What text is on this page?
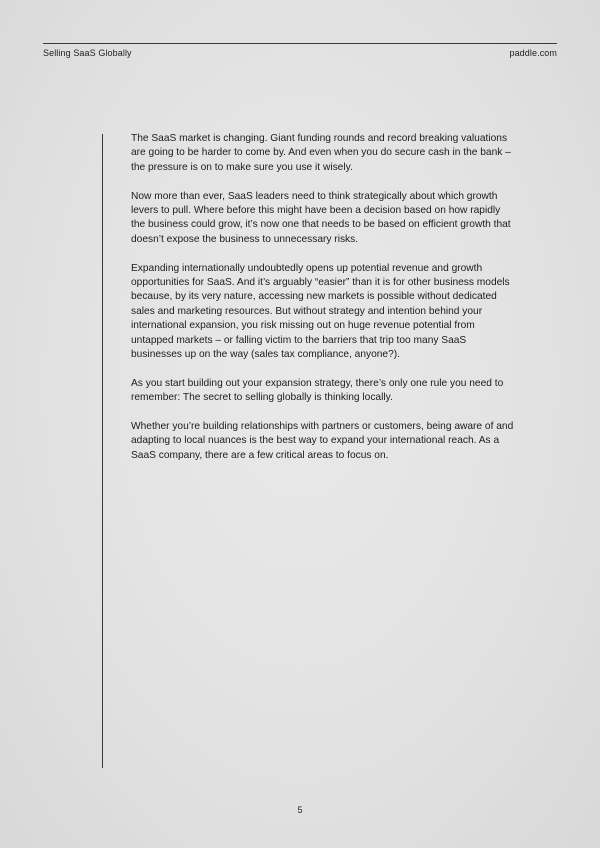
Selling SaaS Globally	paddle.com

The SaaS market is changing. Giant funding rounds and record breaking valuations are going to be harder to come by. And even when you do secure cash in the bank – the pressure is on to make sure you use it wisely.

Now more than ever, SaaS leaders need to think strategically about which growth levers to pull. Where before this might have been a decision based on how rapidly the business could grow, it’s now one that needs to be based on efficient growth that doesn’t expose the business to unnecessary risks.

Expanding internationally undoubtedly opens up potential revenue and growth opportunities for SaaS. And it’s arguably “easier” than it is for other business models because, by its very nature, accessing new markets is possible without dedicated sales and marketing resources. But without strategy and intention behind your international expansion, you risk missing out on huge revenue potential from untapped markets – or falling victim to the barriers that trip too many SaaS businesses up on the way (sales tax compliance, anyone?).

As you start building out your expansion strategy, there’s only one rule you need to remember: The secret to selling globally is thinking locally.

Whether you’re building relationships with partners or customers, being aware of and adapting to local nuances is the best way to expand your international reach. As a SaaS company, there are a few critical areas to focus on.

5
